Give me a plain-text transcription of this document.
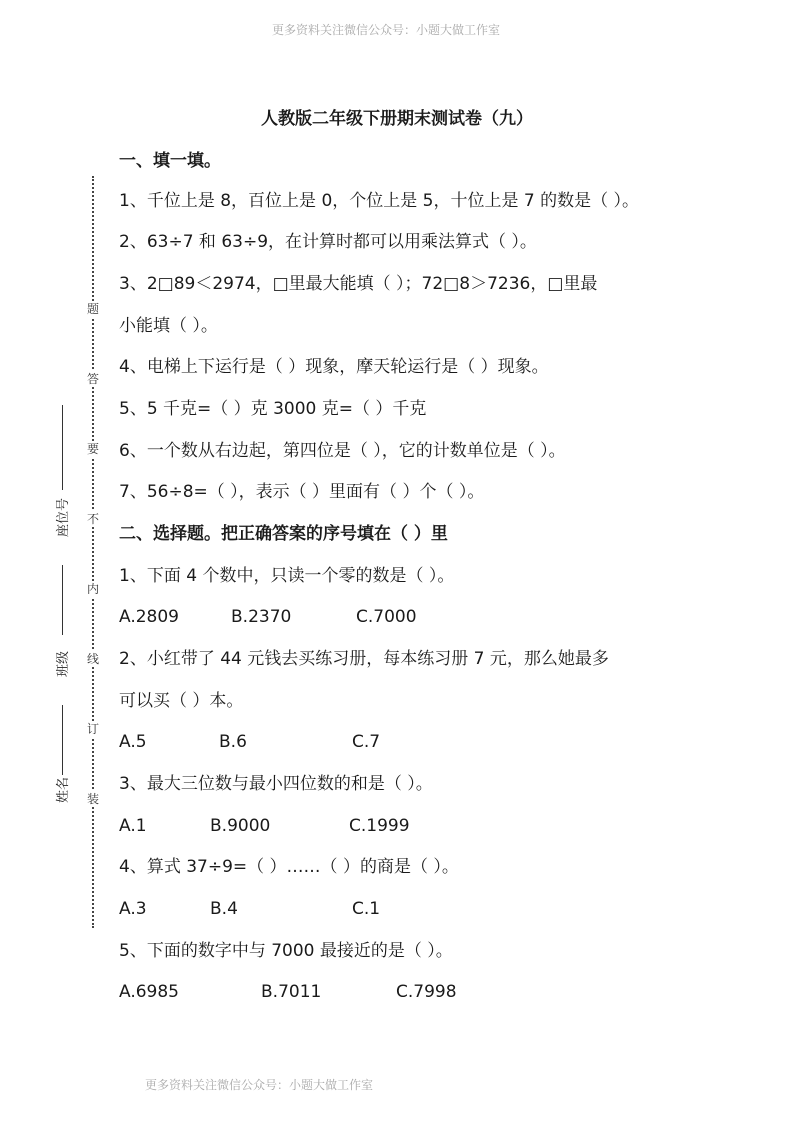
更多资料关注微信公众号：小题大做工作室
人教版二年级下册期末测试卷（九）
题
答
要
不
内
线
订
装
座位号
班级
姓名
一、填一填。
1、千位上是 8，百位上是 0，个位上是 5，十位上是 7 的数是（ ）。
2、63÷7 和 63÷9，在计算时都可以用乘法算式（ ）。
3、2□89＜2974，□里最大能填（ ）；72□8＞7236，□里最
小能填（ ）。
4、电梯上下运行是（ ）现象，摩天轮运行是（ ）现象。
5、5 千克=（ ）克 3000 克=（ ）千克
6、一个数从右边起，第四位是（ ），它的计数单位是（ ）。
7、56÷8=（ ），表示（ ）里面有（ ）个（ ）。
二、选择题。把正确答案的序号填在（ ）里
1、下面 4 个数中，只读一个零的数是（ ）。
A.2809	B.2370	C.7000
2、小红带了 44 元钱去买练习册，每本练习册 7 元，那么她最多
可以买（ ）本。
A.5	B.6	C.7
3、最大三位数与最小四位数的和是（ ）。
A.1	B.9000	C.1999
4、算式 37÷9=（ ）……（ ）的商是（ ）。
A.3	B.4	C.1
5、下面的数字中与 7000 最接近的是（ ）。
A.6985	B.7011	C.7998
更多资料关注微信公众号：小题大做工作室
